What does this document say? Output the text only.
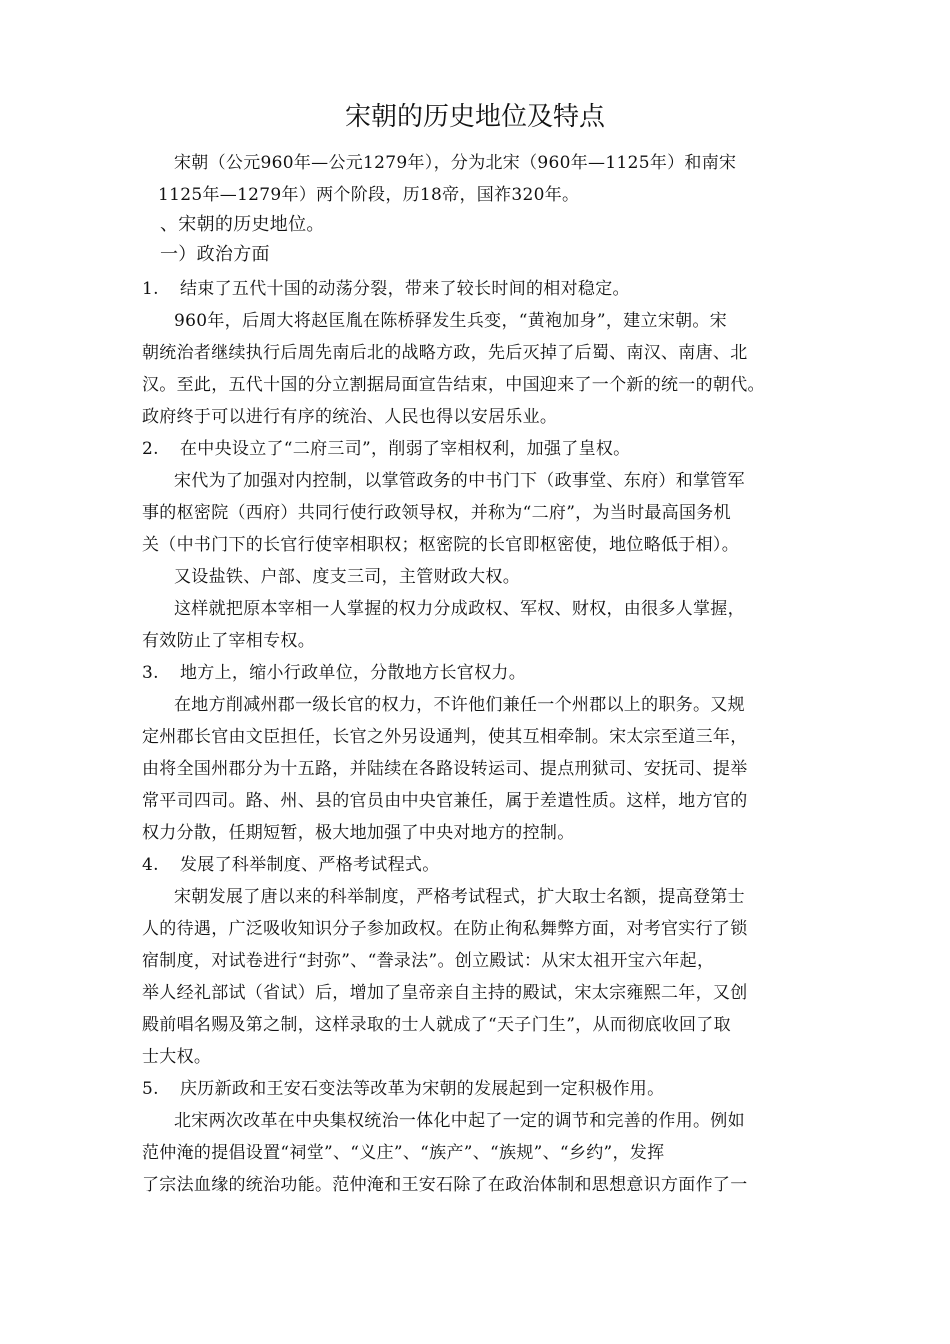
宋朝的历史地位及特点
宋朝（公元960年—公元1279年），分为北宋（960年—1125年）和南宋
1125年—1279年）两个阶段，历18帝，国祚320年。
、宋朝的历史地位。
一）政治方面
1. 结束了五代十国的动荡分裂，带来了较长时间的相对稳定。
960年，后周大将赵匡胤在陈桥驿发生兵变，“黄袍加身”，建立宋朝。宋
朝统治者继续执行后周先南后北的战略方政，先后灭掉了后蜀、南汉、南唐、北
汉。至此，五代十国的分立割据局面宣告结束，中国迎来了一个新的统一的朝代。
政府终于可以进行有序的统治、人民也得以安居乐业。
2. 在中央设立了“二府三司”，削弱了宰相权利，加强了皇权。
宋代为了加强对内控制，以掌管政务的中书门下（政事堂、东府）和掌管军
事的枢密院（西府）共同行使行政领导权，并称为“二府”，为当时最高国务机
关（中书门下的长官行使宰相职权；枢密院的长官即枢密使，地位略低于相）。
又设盐铁、户部、度支三司，主管财政大权。
这样就把原本宰相一人掌握的权力分成政权、军权、财权，由很多人掌握，
有效防止了宰相专权。
3. 地方上，缩小行政单位，分散地方长官权力。
在地方削减州郡一级长官的权力，不许他们兼任一个州郡以上的职务。又规
定州郡长官由文臣担任，长官之外另设通判，使其互相牵制。宋太宗至道三年，
由将全国州郡分为十五路，并陆续在各路设转运司、提点刑狱司、安抚司、提举
常平司四司。路、州、县的官员由中央官兼任，属于差遣性质。这样，地方官的
权力分散，任期短暂，极大地加强了中央对地方的控制。
4. 发展了科举制度、严格考试程式。
宋朝发展了唐以来的科举制度，严格考试程式，扩大取士名额，提高登第士
人的待遇，广泛吸收知识分子参加政权。在防止徇私舞弊方面，对考官实行了锁
宿制度，对试卷进行“封弥”、“誊录法”。创立殿试：从宋太祖开宝六年起，
举人经礼部试（省试）后，增加了皇帝亲自主持的殿试，宋太宗雍熙二年，又创
殿前唱名赐及第之制，这样录取的士人就成了“天子门生”，从而彻底收回了取
士大权。
5. 庆历新政和王安石变法等改革为宋朝的发展起到一定积极作用。
北宋两次改革在中央集权统治一体化中起了一定的调节和完善的作用。例如
范仲淹的提倡设置“祠堂”、“义庄”、“族产”、“族规”、“乡约”，发挥
了宗法血缘的统治功能。范仲淹和王安石除了在政治体制和思想意识方面作了一
